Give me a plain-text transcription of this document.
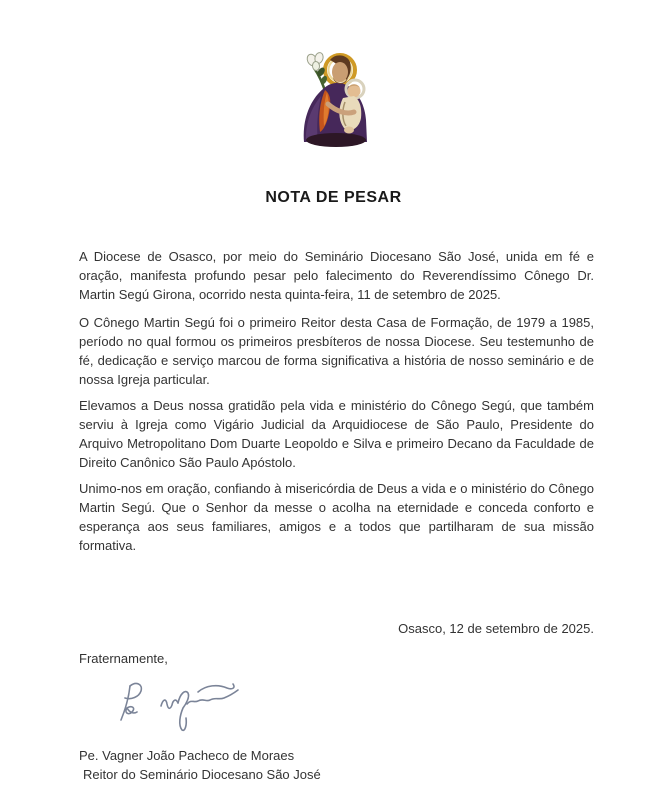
NOTA DE PESAR

A Diocese de Osasco, por meio do Seminário Diocesano São José, unida em fé e oração, manifesta profundo pesar pelo falecimento do Reverendíssimo Cônego Dr. Martin Segú Girona, ocorrido nesta quinta-feira, 11 de setembro de 2025.

O Cônego Martin Segú foi o primeiro Reitor desta Casa de Formação, de 1979 a 1985, período no qual formou os primeiros presbíteros de nossa Diocese. Seu testemunho de fé, dedicação e serviço marcou de forma significativa a história de nosso seminário e de nossa Igreja particular.

Elevamos a Deus nossa gratidão pela vida e ministério do Cônego Segú, que também serviu à Igreja como Vigário Judicial da Arquidiocese de São Paulo, Presidente do Arquivo Metropolitano Dom Duarte Leopoldo e Silva e primeiro Decano da Faculdade de Direito Canônico São Paulo Apóstolo.

Unimo-nos em oração, confiando à misericórdia de Deus a vida e o ministério do Cônego Martin Segú. Que o Senhor da messe o acolha na eternidade e conceda conforto e esperança aos seus familiares, amigos e a todos que partilharam de sua missão formativa.

Osasco, 12 de setembro de 2025.

Fraternamente,

Pe. Vagner João Pacheco de Moraes
Reitor do Seminário Diocesano São José
